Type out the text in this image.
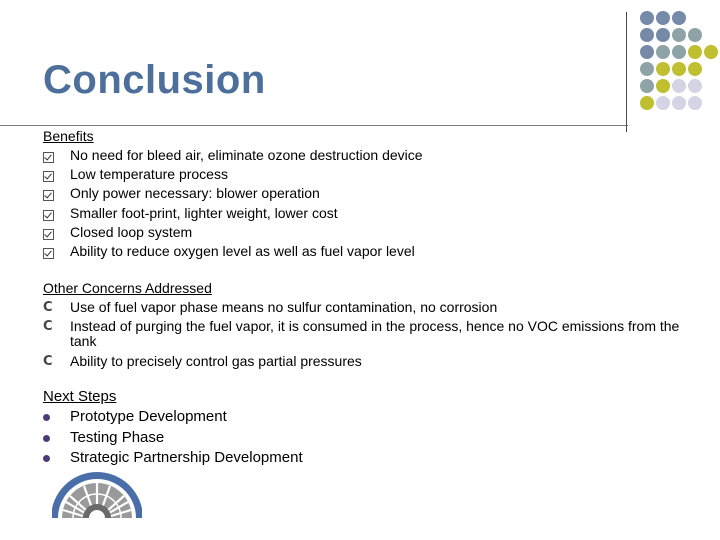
Conclusion
Benefits
No need for bleed air, eliminate ozone destruction device
Low temperature process
Only power necessary: blower operation
Smaller foot-print, lighter weight, lower cost
Closed loop system
Ability to reduce oxygen level as well as fuel vapor level
Other Concerns Addressed
C	Use of fuel vapor phase means no sulfur contamination, no corrosion
C	Instead of purging the fuel vapor, it is consumed in the process, hence no VOC emissions from the tank
C	Ability to precisely control gas partial pressures
Next Steps
Prototype Development
Testing Phase
Strategic Partnership Development
